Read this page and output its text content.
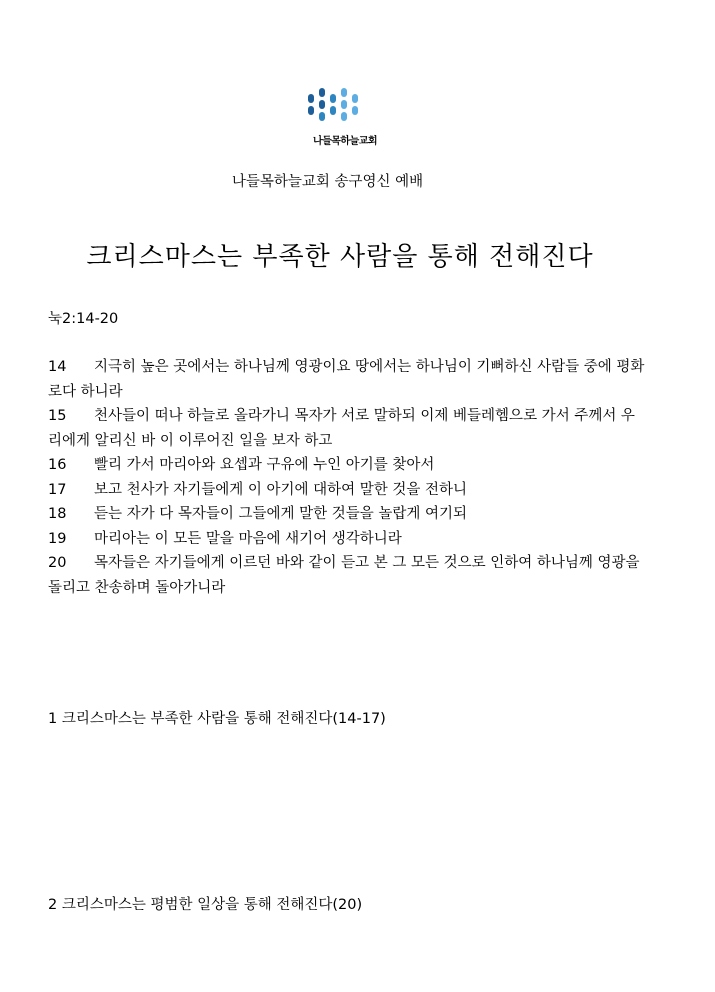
나들목하늘교회
나들목하늘교회 송구영신 예배
크리스마스는 부족한 사람을 통해 전해진다
눅2:14-20

14 지극히 높은 곳에서는 하나님께 영광이요 땅에서는 하나님이 기뻐하신 사람들 중에 평화로다 하니라

15 천사들이 떠나 하늘로 올라가니 목자가 서로 말하되 이제 베들레헴으로 가서 주께서 우리에게 알리신 바 이 이루어진 일을 보자 하고

16 빨리 가서 마리아와 요셉과 구유에 누인 아기를 찾아서

17 보고 천사가 자기들에게 이 아기에 대하여 말한 것을 전하니

18 듣는 자가 다 목자들이 그들에게 말한 것들을 놀랍게 여기되

19 마리아는 이 모든 말을 마음에 새기어 생각하니라

20 목자들은 자기들에게 이르던 바와 같이 듣고 본 그 모든 것으로 인하여 하나님께 영광을 돌리고 찬송하며 돌아가니라

1 크리스마스는 부족한 사람을 통해 전해진다(14-17)
2 크리스마스는 평범한 일상을 통해 전해진다(20)
